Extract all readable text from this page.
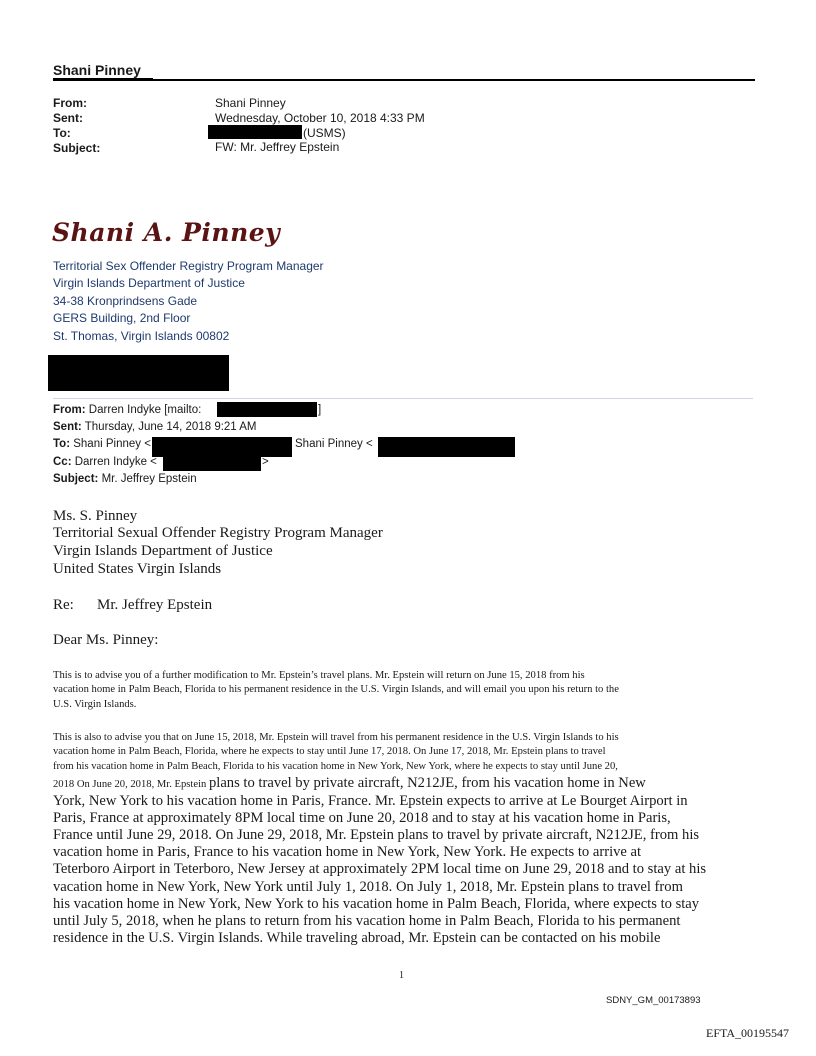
Shani Pinney
From:	Shani Pinney
Sent:	Wednesday, October 10, 2018 4:33 PM
To:	(USMS)
Subject:	FW: Mr. Jeffrey Epstein
Shani A. Pinney
Territorial Sex Offender Registry Program Manager
Virgin Islands Department of Justice
34-38 Kronprindsens Gade
GERS Building, 2nd Floor
St. Thomas, Virgin Islands 00802
From: Darren Indyke [mailto:	]
Sent: Thursday, June 14, 2018 9:21 AM
To: Shani Pinney <	Shani Pinney <
Cc: Darren Indyke <	>
Subject: Mr. Jeffrey Epstein
Ms. S. Pinney
Territorial Sexual Offender Registry Program Manager
Virgin Islands Department of Justice
United States Virgin Islands
Re: Mr. Jeffrey Epstein
Dear Ms. Pinney:
This is to advise you of a further modification to Mr. Epstein’s travel plans. Mr. Epstein will return on June 15, 2018 from his
vacation home in Palm Beach, Florida to his permanent residence in the U.S. Virgin Islands, and will email you upon his return to the
U.S. Virgin Islands.
This is also to advise you that on June 15, 2018, Mr. Epstein will travel from his permanent residence in the U.S. Virgin Islands to his
vacation home in Palm Beach, Florida, where he expects to stay until June 17, 2018. On June 17, 2018, Mr. Epstein plans to travel
from his vacation home in Palm Beach, Florida to his vacation home in New York, New York, where he expects to stay until June 20,
2018 On June 20, 2018, Mr. Epstein plans to travel by private aircraft, N212JE, from his vacation home in New
York, New York to his vacation home in Paris, France. Mr. Epstein expects to arrive at Le Bourget Airport in
Paris, France at approximately 8PM local time on June 20, 2018 and to stay at his vacation home in Paris,
France until June 29, 2018. On June 29, 2018, Mr. Epstein plans to travel by private aircraft, N212JE, from his
vacation home in Paris, France to his vacation home in New York, New York. He expects to arrive at
Teterboro Airport in Teterboro, New Jersey at approximately 2PM local time on June 29, 2018 and to stay at his
vacation home in New York, New York until July 1, 2018. On July 1, 2018, Mr. Epstein plans to travel from
his vacation home in New York, New York to his vacation home in Palm Beach, Florida, where expects to stay
until July 5, 2018, when he plans to return from his vacation home in Palm Beach, Florida to his permanent
residence in the U.S. Virgin Islands. While traveling abroad, Mr. Epstein can be contacted on his mobile
1
SDNY_GM_00173893
EFTA_00195547
